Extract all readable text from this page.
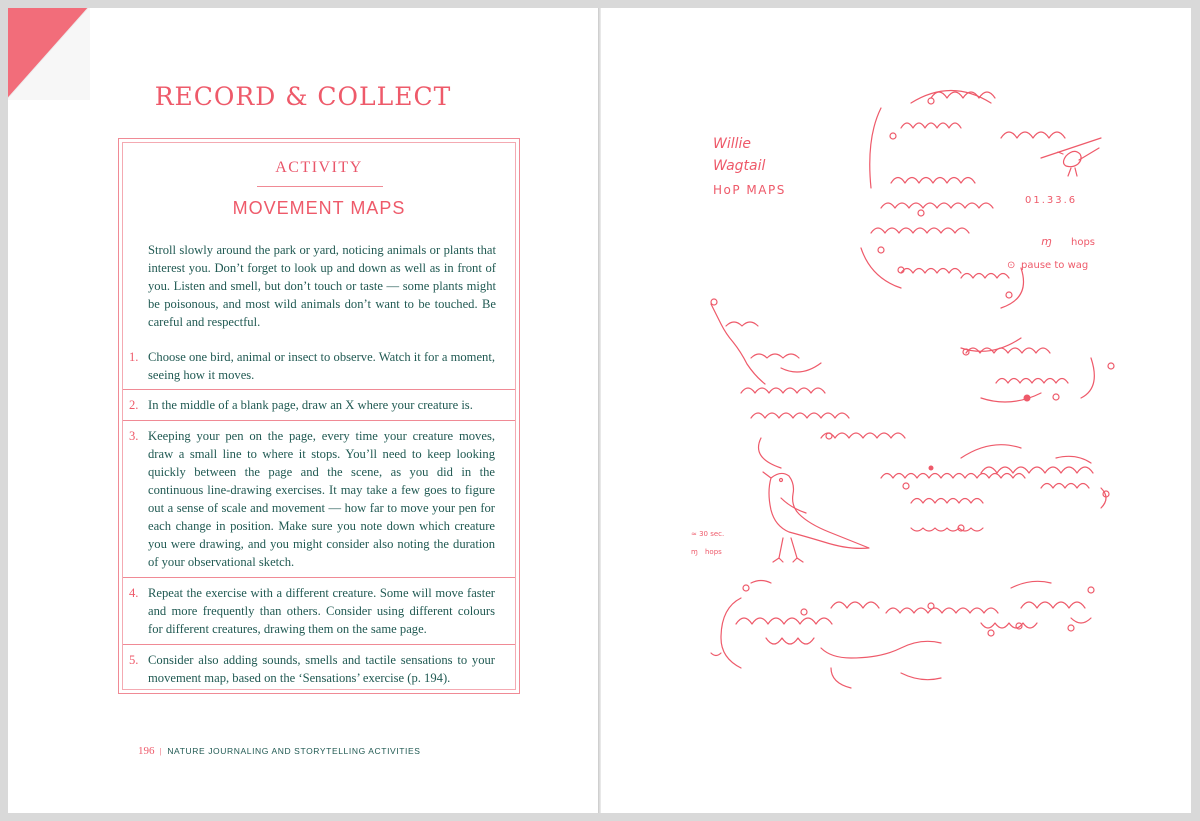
RECORD & COLLECT
ACTIVITY
MOVEMENT MAPS

Stroll slowly around the park or yard, noticing animals or plants that interest you. Don’t forget to look up and down as well as in front of you. Listen and smell, but don’t touch or taste — some plants might be poisonous, and most wild animals don’t want to be touched. Be careful and respectful.

1. Choose one bird, animal or insect to observe. Watch it for a moment, seeing how it moves.
2. In the middle of a blank page, draw an X where your creature is.
3. Keeping your pen on the page, every time your creature moves, draw a small line to where it stops. You’ll need to keep looking quickly between the page and the scene, as you did in the continuous line-drawing exercises. It may take a few goes to figure out a sense of scale and movement — how far to move your pen for each change in position. Make sure you note down which creature you were drawing, and you might consider also noting the duration of your observational sketch.
4. Repeat the exercise with a different creature. Some will move faster and more frequently than others. Consider using different colours for different creatures, drawing them on the same page.
5. Consider also adding sounds, smells and tactile sensations to your movement map, based on the ‘Sensations’ exercise (p. 194).
196 | NATURE JOURNALING AND STORYTELLING ACTIVITIES
Willie
Wagtail
HoP MAPS
01.33.6
ɱ hops
⊙ pause to wag
≈ 30 sec.
ɱ hops
